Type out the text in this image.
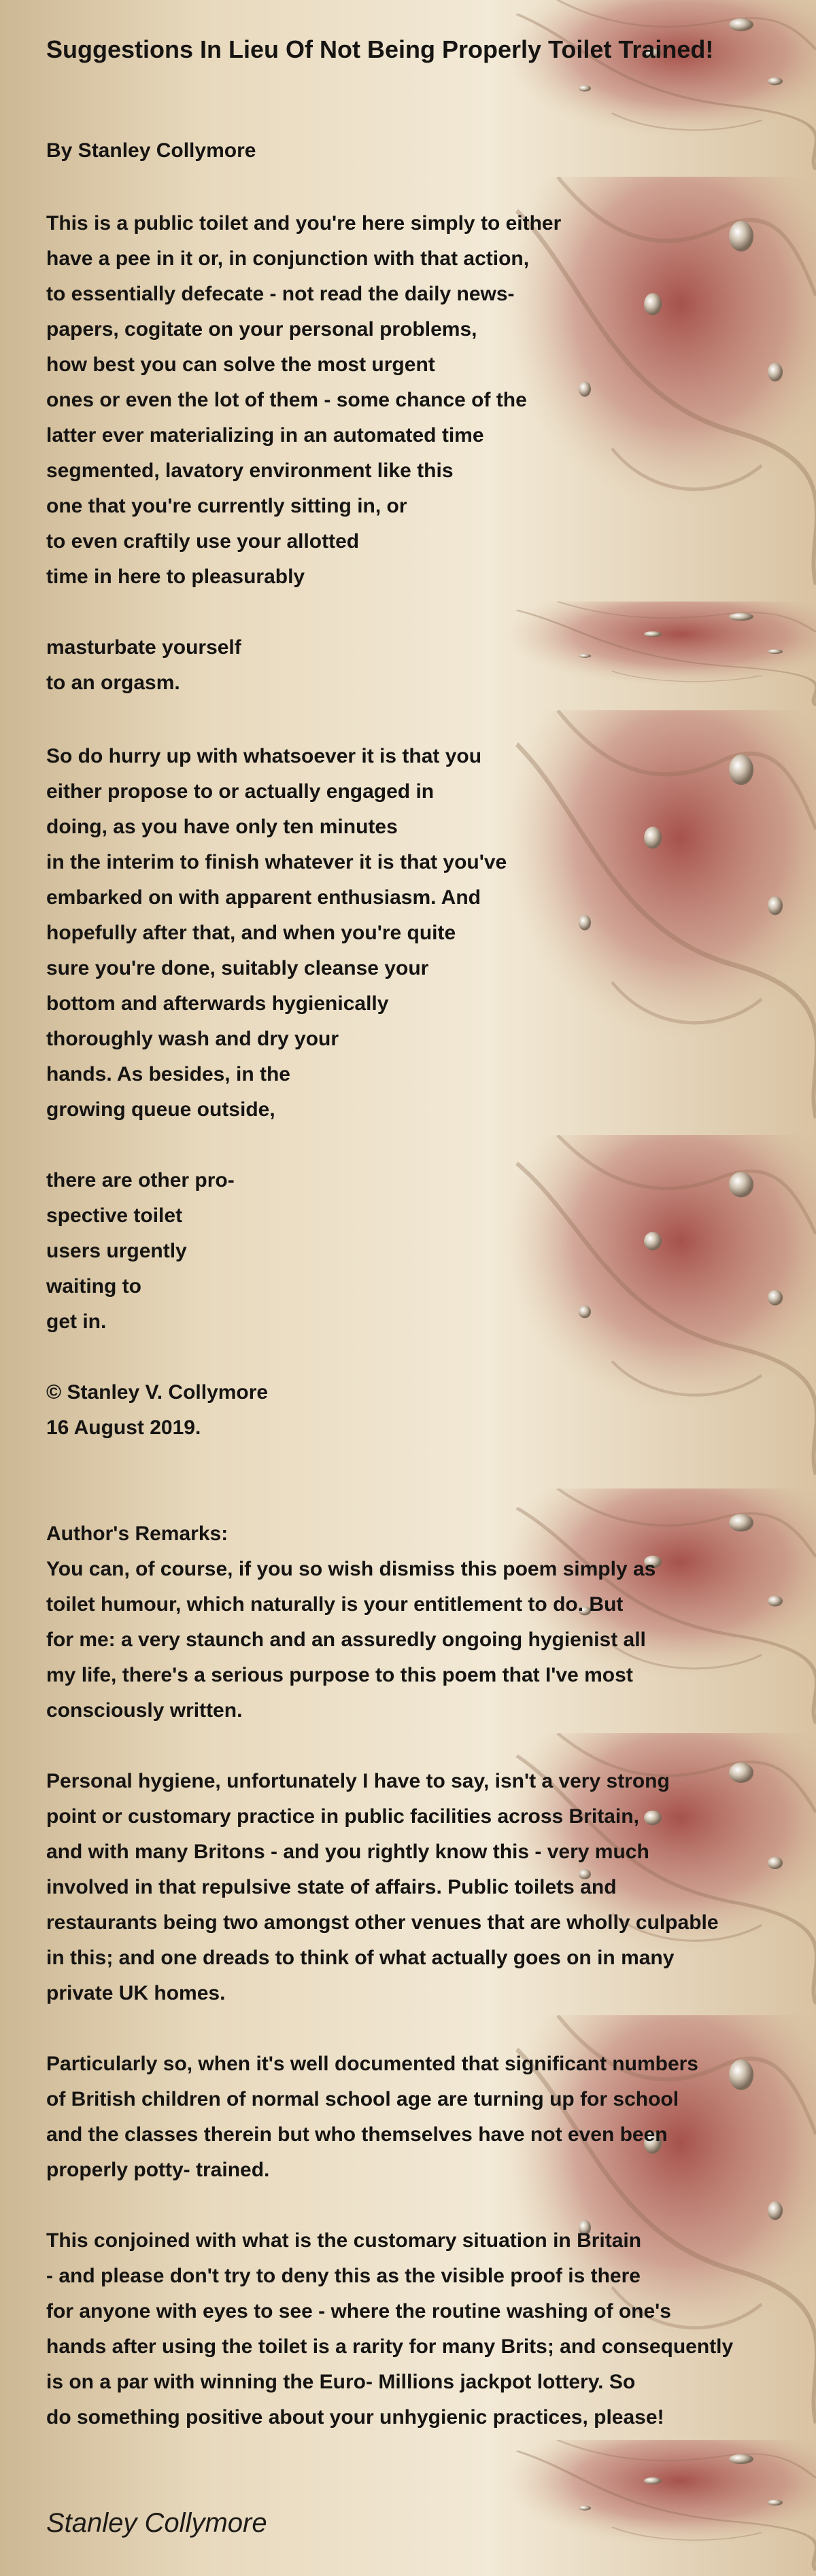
Suggestions In Lieu Of Not Being Properly Toilet Trained!

By Stanley Collymore

This is a public toilet and you're here simply to either
have a pee in it or, in conjunction with that action,
to essentially defecate - not read the daily news-
papers, cogitate on your personal problems,
how best you can solve the most urgent
ones or even the lot of them - some chance of the
latter ever materializing in an automated time
segmented, lavatory environment like this
one that you're currently sitting in, or
to even craftily use your allotted
time in here to pleasurably
masturbate yourself
to an orgasm.
So do hurry up with whatsoever it is that you
either propose to or actually engaged in
doing, as you have only ten minutes
in the interim to finish whatever it is that you've
embarked on with apparent enthusiasm. And
hopefully after that, and when you're quite
sure you're done, suitably cleanse your
bottom and afterwards hygienically
thoroughly wash and dry your
hands. As besides, in the
growing queue outside,
there are other pro-
spective toilet
users urgently
waiting to
get in.
© Stanley V. Collymore
16 August 2019.
Author's Remarks:
You can, of course, if you so wish dismiss this poem simply as
toilet humour, which naturally is your entitlement to do. But
for me: a very staunch and an assuredly ongoing hygienist all
my life, there's a serious purpose to this poem that I've most
consciously written.
Personal hygiene, unfortunately I have to say, isn't a very strong
point or customary practice in public facilities across Britain,
and with many Britons - and you rightly know this - very much
involved in that repulsive state of affairs. Public toilets and
restaurants being two amongst other venues that are wholly culpable
in this; and one dreads to think of what actually goes on in many
private UK homes.
Particularly so, when it's well documented that significant numbers
of British children of normal school age are turning up for school
and the classes therein but who themselves have not even been
properly potty- trained.
This conjoined with what is the customary situation in Britain
- and please don't try to deny this as the visible proof is there
for anyone with eyes to see - where the routine washing of one's
hands after using the toilet is a rarity for many Brits; and consequently
is on a par with winning the Euro- Millions jackpot lottery. So
do something positive about your unhygienic practices, please!

Stanley Collymore
